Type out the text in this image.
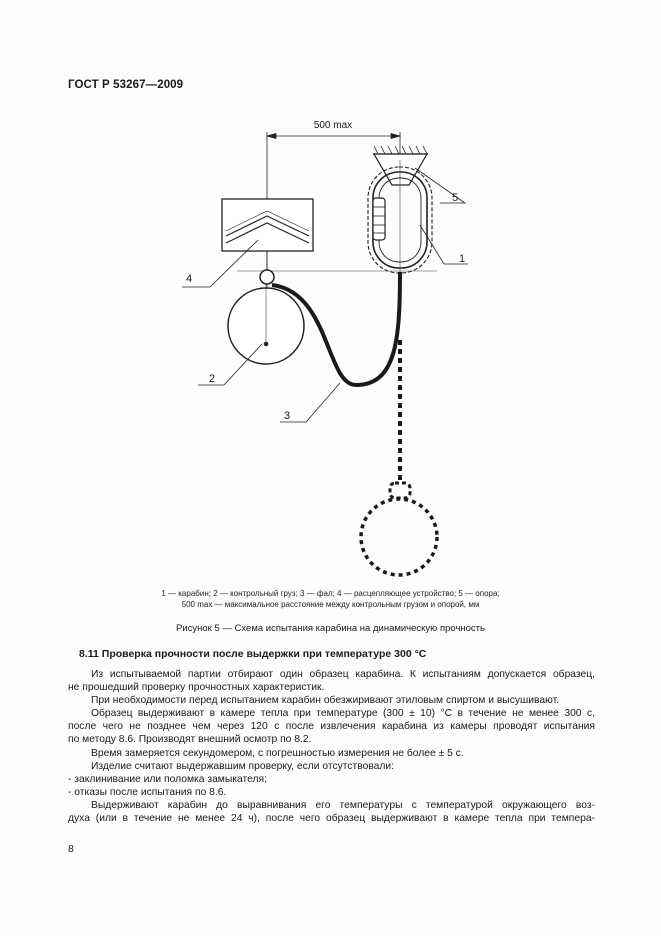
ГОСТ Р 53267—2009
500 max
5
1
4
2
3
1 — карабин; 2 — контрольный груз; 3 — фал; 4 — расцепляющее устройство; 5 — опора;
500 max — максимальное расстояние между контрольным грузом и опорой, мм
Рисунок 5 — Схема испытания карабина на динамическую прочность
8.11 Проверка прочности после выдержки при температуре 300 °С

Из испытываемой партии отбирают один образец карабина. К испытаниям допускается образец,

не прошедший проверку прочностных характеристик.

При необходимости перед испытанием карабин обезжиривают этиловым спиртом и высушивают.

Образец выдерживают в камере тепла при температуре (300 ± 10) °С в течение не менее 300 с,

после чего не позднее чем через 120 с после извлечения карабина из камеры проводят испытания

по методу 8.6. Производят внешний осмотр по 8.2.

Время замеряется секундомером, с погрешностью измерения не более ± 5 с.

Изделие считают выдержавшим проверку, если отсутствовали:

- заклинивание или поломка замыкателя;

- отказы после испытания по 8.6.

Выдерживают карабин до выравнивания его температуры с температурой окружающего воз-

духа (или в течение не менее 24 ч), после чего образец выдерживают в камере тепла при темпера-

8
